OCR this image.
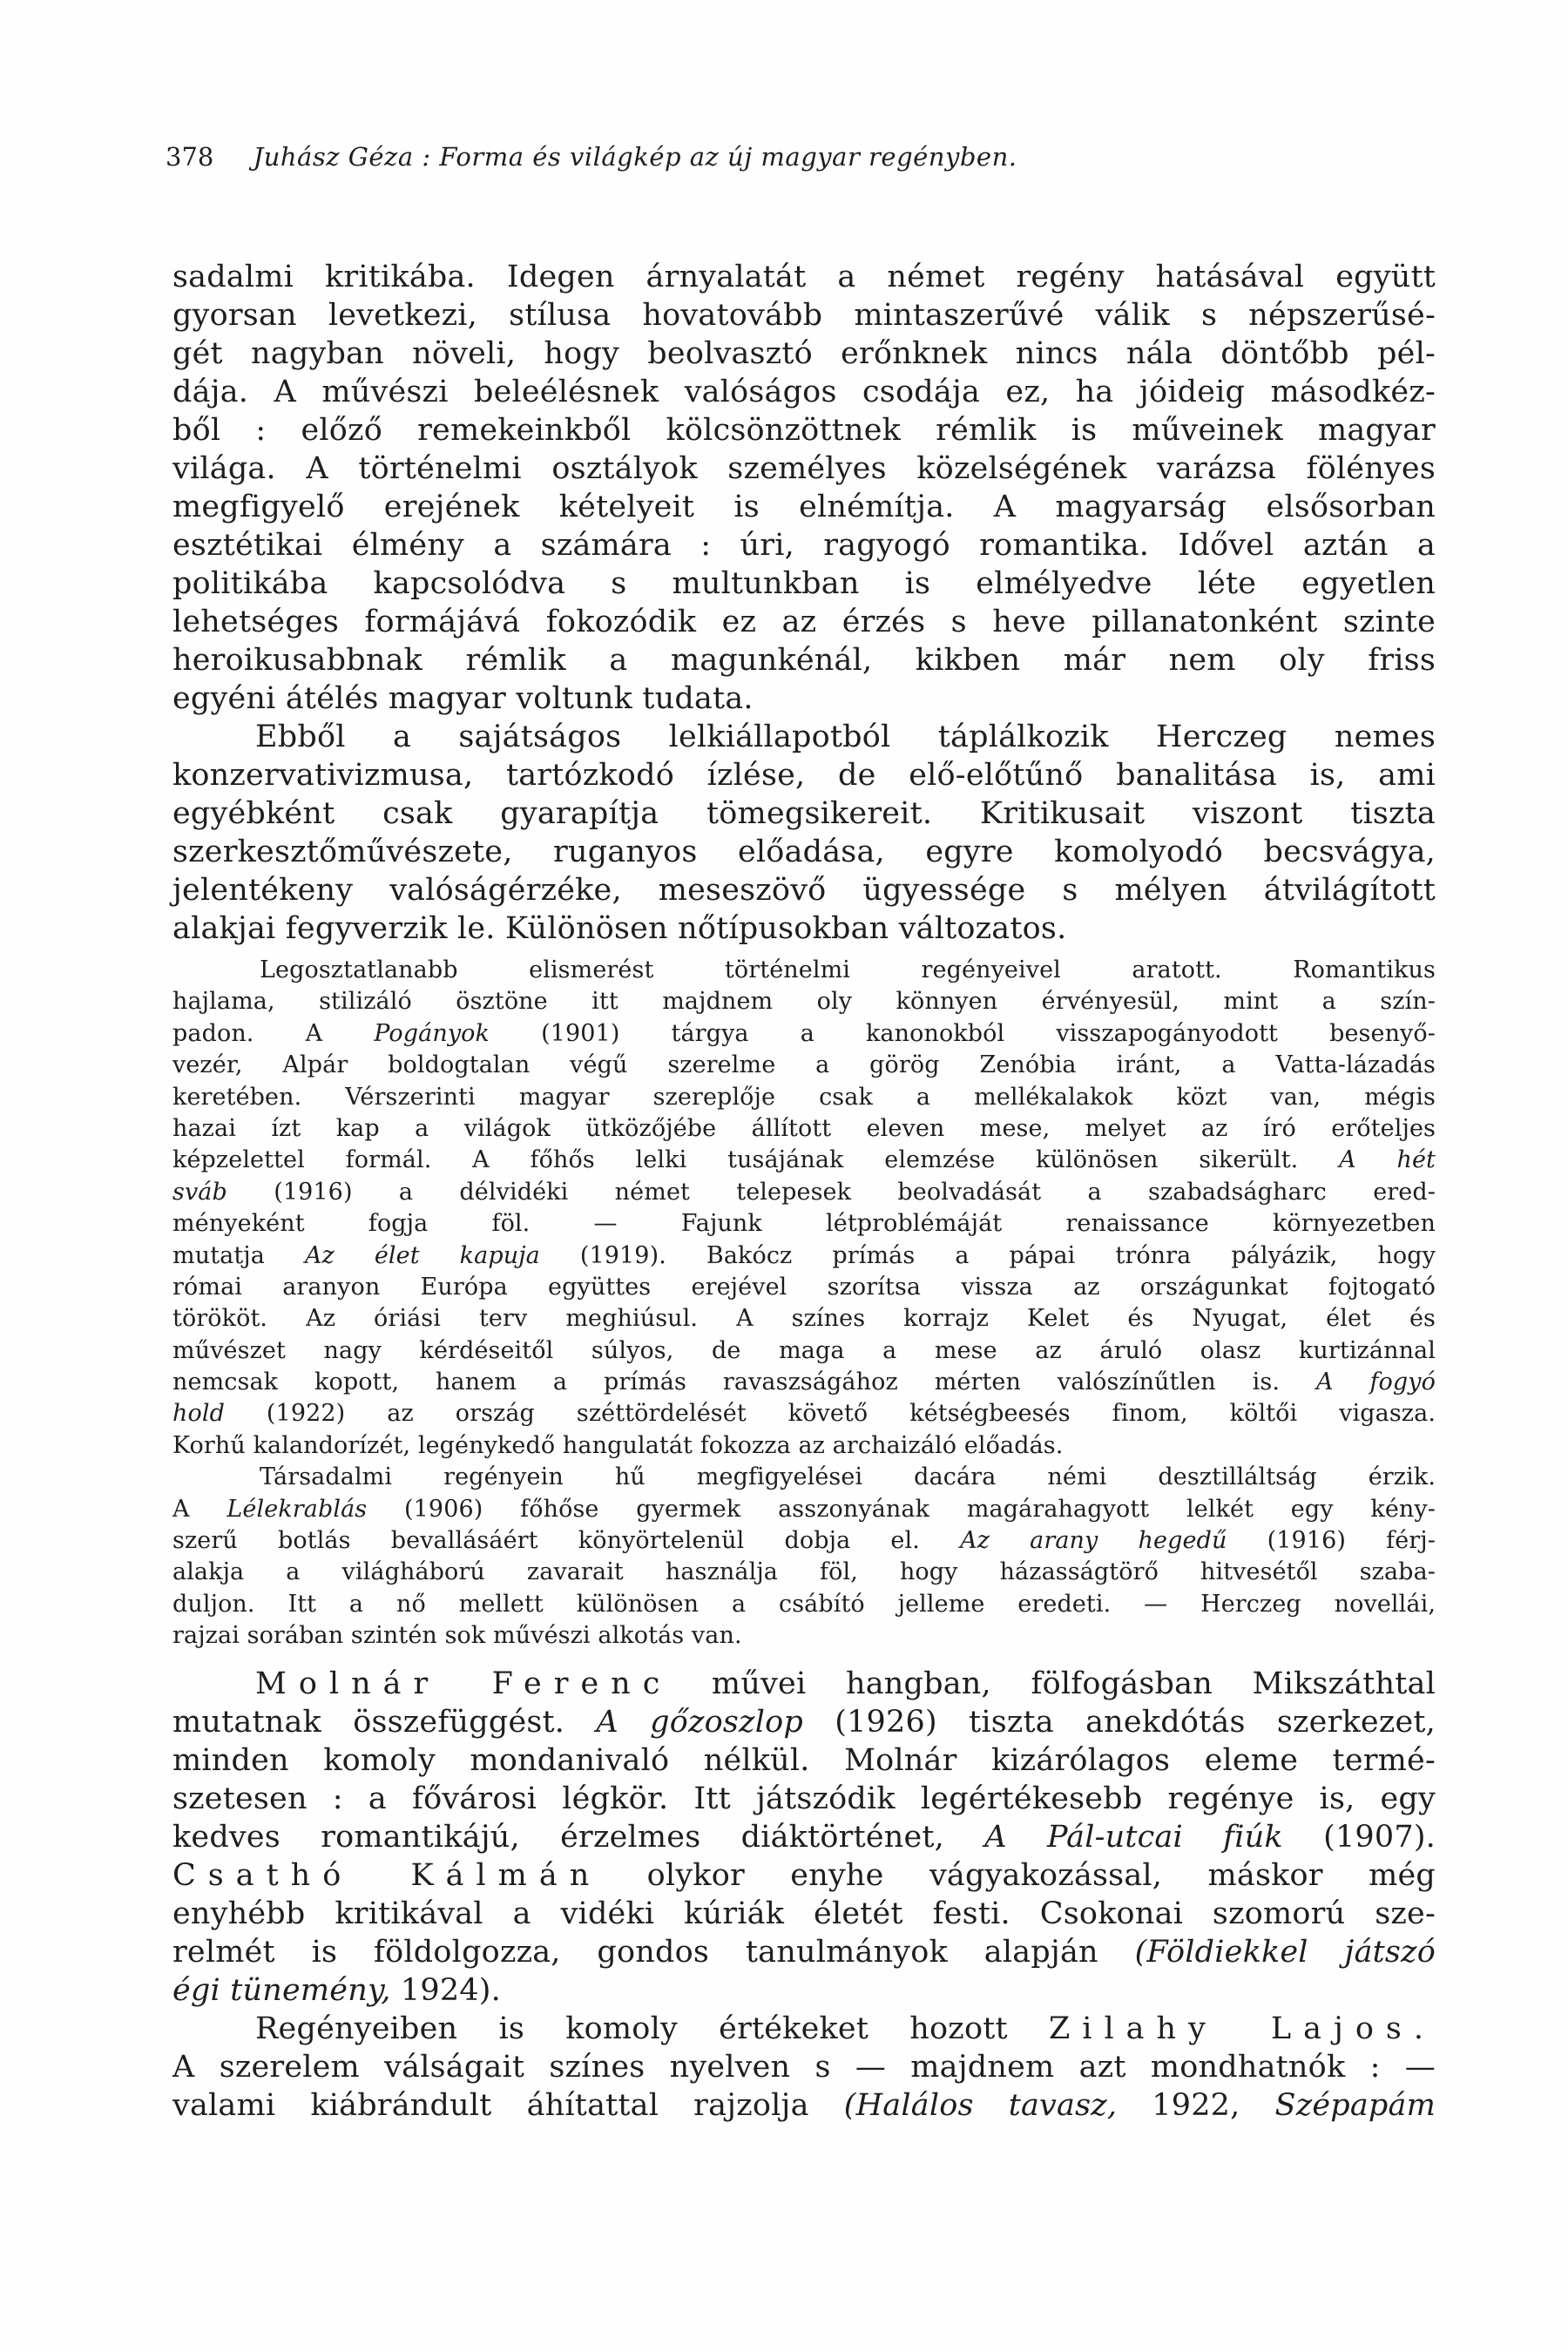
378 Juhász Géza : Forma és világkép az új magyar regényben.
sadalmi kritikába. Idegen árnyalatát a német regény hatásával együtt
gyorsan levetkezi, stílusa hovatovább mintaszerűvé válik s népszerűsé-
gét nagyban növeli, hogy beolvasztó erőnknek nincs nála döntőbb pél-
dája. A művészi beleélésnek valóságos csodája ez, ha jóideig másodkéz-
ből : előző remekeinkből kölcsönzöttnek rémlik is műveinek magyar
világa. A történelmi osztályok személyes közelségének varázsa fölényes
megfigyelő erejének kételyeit is elnémítja. A magyarság elsősorban
esztétikai élmény a számára : úri, ragyogó romantika. Idővel aztán a
politikába kapcsolódva s multunkban is elmélyedve léte egyetlen
lehetséges formájává fokozódik ez az érzés s heve pillanatonként szinte
heroikusabbnak rémlik a magunkénál, kikben már nem oly friss
egyéni átélés magyar voltunk tudata.
Ebből a sajátságos lelkiállapotból táplálkozik Herczeg nemes
konzervativizmusa, tartózkodó ízlése, de elő-előtűnő banalitása is, ami
egyébként csak gyarapítja tömegsikereit. Kritikusait viszont tiszta
szerkesztőművészete, ruganyos előadása, egyre komolyodó becsvágya,
jelentékeny valóságérzéke, meseszövő ügyessége s mélyen átvilágított
alakjai fegyverzik le. Különösen nőtípusokban változatos.
Legosztatlanabb elismerést történelmi regényeivel aratott. Romantikus
hajlama, stilizáló ösztöne itt majdnem oly könnyen érvényesül, mint a szín-
padon. A Pogányok (1901) tárgya a kanonokból visszapogányodott besenyő-
vezér, Alpár boldogtalan végű szerelme a görög Zenóbia iránt, a Vatta-lázadás
keretében. Vérszerinti magyar szereplője csak a mellékalakok közt van, mégis
hazai ízt kap a világok ütközőjébe állított eleven mese, melyet az író erőteljes
képzelettel formál. A főhős lelki tusájának elemzése különösen sikerült. A hét
sváb (1916) a délvidéki német telepesek beolvadását a szabadságharc ered-
ményeként fogja föl. — Fajunk létproblémáját renaissance környezetben
mutatja Az élet kapuja (1919). Bakócz prímás a pápai trónra pályázik, hogy
római aranyon Európa együttes erejével szorítsa vissza az országunkat fojtogató
törököt. Az óriási terv meghiúsul. A színes korrajz Kelet és Nyugat, élet és
művészet nagy kérdéseitől súlyos, de maga a mese az áruló olasz kurtizánnal
nemcsak kopott, hanem a prímás ravaszságához mérten valószínűtlen is. A fogyó
hold (1922) az ország széttördelését követő kétségbeesés finom, költői vigasza.
Korhű kalandorízét, legénykedő hangulatát fokozza az archaizáló előadás.
Társadalmi regényein hű megfigyelései dacára némi desztilláltság érzik.
A Lélekrablás (1906) főhőse gyermek asszonyának magárahagyott lelkét egy kény-
szerű botlás bevallásáért könyörtelenül dobja el. Az arany hegedű (1916) férj-
alakja a világháború zavarait használja föl, hogy házasságtörő hitvesétől szaba-
duljon. Itt a nő mellett különösen a csábító jelleme eredeti. — Herczeg novellái,
rajzai sorában szintén sok művészi alkotás van.
Molnár Ferenc művei hangban, fölfogásban Mikszáthtal
mutatnak összefüggést. A gőzoszlop (1926) tiszta anekdótás szerkezet,
minden komoly mondanivaló nélkül. Molnár kizárólagos eleme termé-
szetesen : a fővárosi légkör. Itt játszódik legértékesebb regénye is, egy
kedves romantikájú, érzelmes diáktörténet, A Pál-utcai fiúk (1907).
Csathó Kálmán olykor enyhe vágyakozással, máskor még
enyhébb kritikával a vidéki kúriák életét festi. Csokonai szomorú sze-
relmét is földolgozza, gondos tanulmányok alapján (Földiekkel játszó
égi tünemény, 1924).
Regényeiben is komoly értékeket hozott Zilahy Lajos.
A szerelem válságait színes nyelven s — majdnem azt mondhatnók : —
valami kiábrándult áhítattal rajzolja (Halálos tavasz, 1922, Szépapám
